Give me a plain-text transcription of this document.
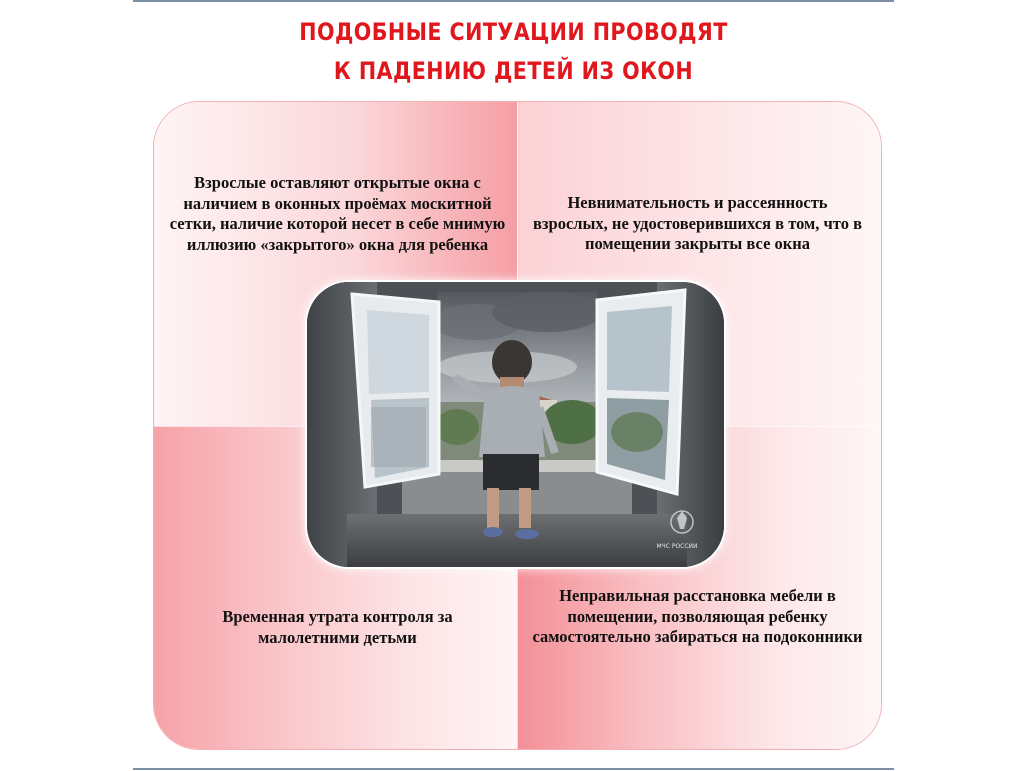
ПОДОБНЫЕ СИТУАЦИИ ПРОВОДЯТ
К ПАДЕНИЮ ДЕТЕЙ ИЗ ОКОН
Взрослые оставляют открытые окна с наличием в оконных проёмах москитной сетки, наличие которой несет в себе мнимую иллюзию «закрытого» окна для ребенка
Невнимательность и рассеянность взрослых, не удостоверившихся в том, что в помещении закрыты все окна
Временная утрата контроля за малолетними детьми
Неправильная расстановка мебели в помещении, позволяющая ребенку самостоятельно забираться на подоконники
МЧС РОССИИ
